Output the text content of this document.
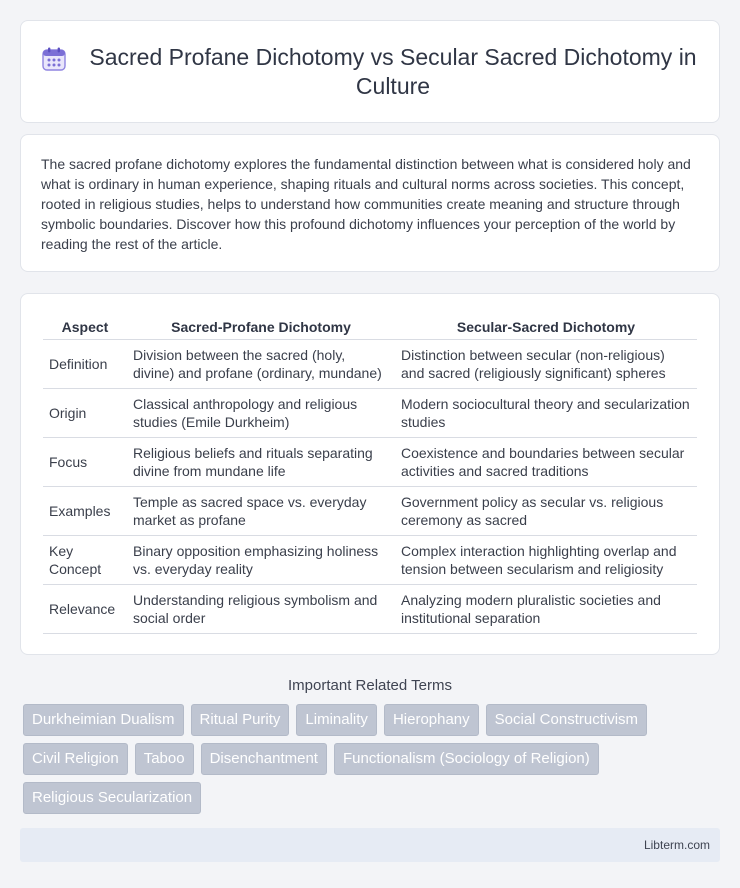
Sacred Profane Dichotomy vs Secular Sacred Dichotomy in Culture

The sacred profane dichotomy explores the fundamental distinction between what is considered holy and what is ordinary in human experience, shaping rituals and cultural norms across societies. This concept, rooted in religious studies, helps to understand how communities create meaning and structure through symbolic boundaries. Discover how this profound dichotomy influences your perception of the world by reading the rest of the article.

Aspect	Sacred-Profane Dichotomy	Secular-Sacred Dichotomy
Definition	Division between the sacred (holy, divine) and profane (ordinary, mundane)	Distinction between secular (non-religious) and sacred (religiously significant) spheres
Origin	Classical anthropology and religious studies (Emile Durkheim)	Modern sociocultural theory and secularization studies
Focus	Religious beliefs and rituals separating divine from mundane life	Coexistence and boundaries between secular activities and sacred traditions
Examples	Temple as sacred space vs. everyday market as profane	Government policy as secular vs. religious ceremony as sacred
Key Concept	Binary opposition emphasizing holiness vs. everyday reality	Complex interaction highlighting overlap and tension between secularism and religiosity
Relevance	Understanding religious symbolism and social order	Analyzing modern pluralistic societies and institutional separation
Important Related Terms
Durkheimian Dualism	Ritual Purity	Liminality	Hierophany	Social Constructivism
Civil Religion	Taboo	Disenchantment	Functionalism (Sociology of Religion)
Religious Secularization
Libterm.com
